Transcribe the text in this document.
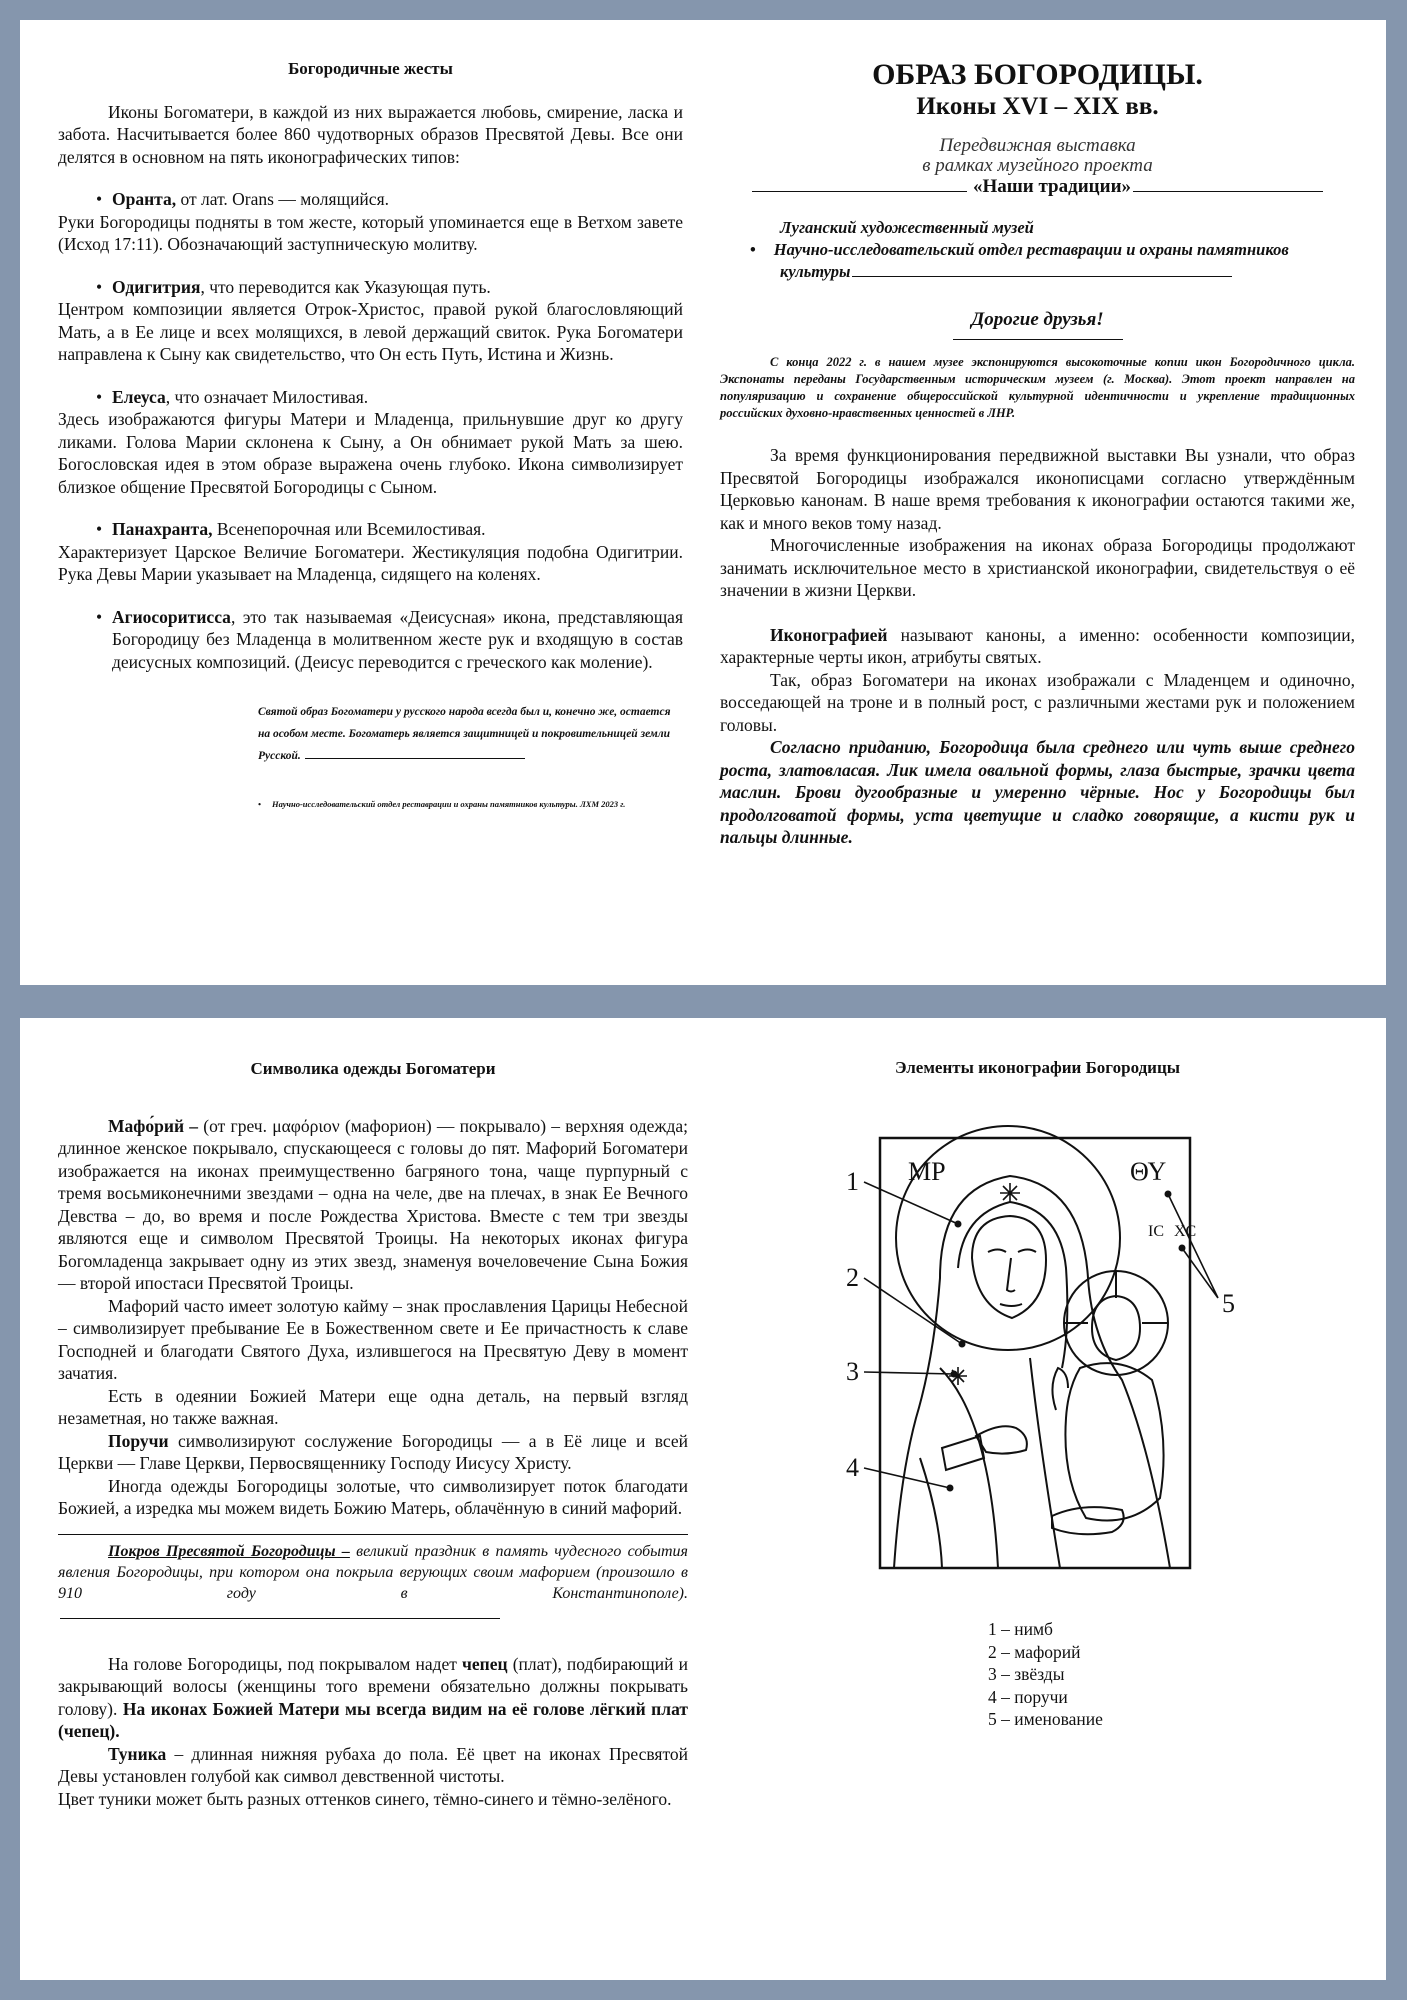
Богородичные жесты

Иконы Богоматери, в каждой из них выражается любовь, смирение, ласка и забота. Насчитывается более 860 чудотворных образов Пресвятой Девы. Все они делятся в основном на пять иконографических типов:

• Оранта, от лат. Orans — молящийся.

Руки Богородицы подняты в том жесте, который упоминается еще в Ветхом завете (Исход 17:11). Обозначающий заступническую молитву.

• Одигитрия, что переводится как Указующая путь.

Центром композиции является Отрок-Христос, правой рукой благословляющий Мать, а в Ее лице и всех молящихся, в левой держащий свиток. Рука Богоматери направлена к Сыну как свидетельство, что Он есть Путь, Истина и Жизнь.

• Елеуса, что означает Милостивая.

Здесь изображаются фигуры Матери и Младенца, прильнувшие друг ко другу ликами. Голова Марии склонена к Сыну, а Он обнимает рукой Мать за шею. Богословская идея в этом образе выражена очень глубоко. Икона символизирует близкое общение Пресвятой Богородицы с Сыном.

• Панахранта, Всенепорочная или Всемилостивая.

Характеризует Царское Величие Богоматери. Жестикуляция подобна Одигитрии. Рука Девы Марии указывает на Младенца, сидящего на коленях.

• Агиосоритисса, это так называемая «Деисусная» икона, представляющая Богородицу без Младенца в молитвенном жесте рук и входящую в состав деисусных композиций. (Деисус переводится с греческого как моление).

Святой образ Богоматери у русского народа всегда был и, конечно же, остается на особом месте. Богоматерь является защитницей и покровительницей земли Русской.

• Научно-исследовательский отдел реставрации и охраны памятников культуры. ЛХМ 2023 г.

ОБРАЗ БОГОРОДИЦЫ.

Иконы XVI – XIX вв.

Передвижная выставка

в рамках музейного проекта

«Наши традиции»

Луганский художественный музей

• Научно-исследовательский отдел реставрации и охраны памятников культуры

Дорогие друзья!

С конца 2022 г. в нашем музее экспонируются высокоточные копии икон Богородичного цикла. Экспонаты переданы Государственным историческим музеем (г. Москва). Этот проект направлен на популяризацию и сохранение общероссийской культурной идентичности и укрепление традиционных российских духовно-нравственных ценностей в ЛНР.

За время функционирования передвижной выставки Вы узнали, что образ Пресвятой Богородицы изображался иконописцами согласно утверждённым Церковью канонам. В наше время требования к иконографии остаются такими же, как и много веков тому назад.

Многочисленные изображения на иконах образа Богородицы продолжают занимать исключительное место в христианской иконографии, свидетельствуя о её значении в жизни Церкви.

Иконографией называют каноны, а именно: особенности композиции, характерные черты икон, атрибуты святых.

Так, образ Богоматери на иконах изображали с Младенцем и одиночно, восседающей на троне и в полный рост, с различными жестами рук и положением головы.

Согласно приданию, Богородица была среднего или чуть выше среднего роста, златовласая. Лик имела овальной формы, глаза быстрые, зрачки цвета маслин. Брови дугообразные и умеренно чёрные. Нос у Богородицы был продолговатой формы, уста цветущие и сладко говорящие, а кисти рук и пальцы длинные.

Символика одежды Богоматери

Мафо́рий – (от греч. μαφόριον (мафорион) — покрывало) – верхняя одежда; длинное женское покрывало, спускающееся с головы до пят. Мафорий Богоматери изображается на иконах преимущественно багряного тона, чаще пурпурный с тремя восьмиконечними звездами – одна на челе, две на плечах, в знак Ее Вечного Девства – до, во время и после Рождества Христова. Вместе с тем три звезды являются еще и символом Пресвятой Троицы. На некоторых иконах фигура Богомладенца закрывает одну из этих звезд, знаменуя вочеловечение Сына Божия — второй ипостаси Пресвятой Троицы.

Мафорий часто имеет золотую кайму – знак прославления Царицы Небесной – символизирует пребывание Ее в Божественном свете и Ее причастность к славе Господней и благодати Святого Духа, излившегося на Пресвятую Деву в момент зачатия.

Есть в одеянии Божией Матери еще одна деталь, на первый взгляд незаметная, но также важная.

Поручи символизируют сослужение Богородицы — а в Её лице и всей Церкви — Главе Церкви, Первосвященнику Господу Иисусу Христу.

Иногда одежды Богородицы золотые, что символизирует поток благодати Божией, а изредка мы можем видеть Божию Матерь, облачённую в синий мафорий.

Покров Пресвятой Богородицы – великий праздник в память чудесного события явления Богородицы, при котором она покрыла верующих своим мафорием (произошло в 910 году в Константинополе).

На голове Богородицы, под покрывалом надет чепец (плат), подбирающий и закрывающий волосы (женщины того времени обязательно должны покрывать голову). На иконах Божией Матери мы всегда видим на её голове лёгкий плат (чепец).

Туника – длинная нижняя рубаха до пола. Её цвет на иконах Пресвятой Девы установлен голубой как символ девственной чистоты.

Цвет туники может быть разных оттенков синего, тёмно-синего и тёмно-зелёного.

Элементы иконографии Богородицы

МР	ΘΥ
IC XC
1
2
3
4
5

1 – нимб

2 – мафорий

3 – звёзды

4 – поручи

5 – именование
